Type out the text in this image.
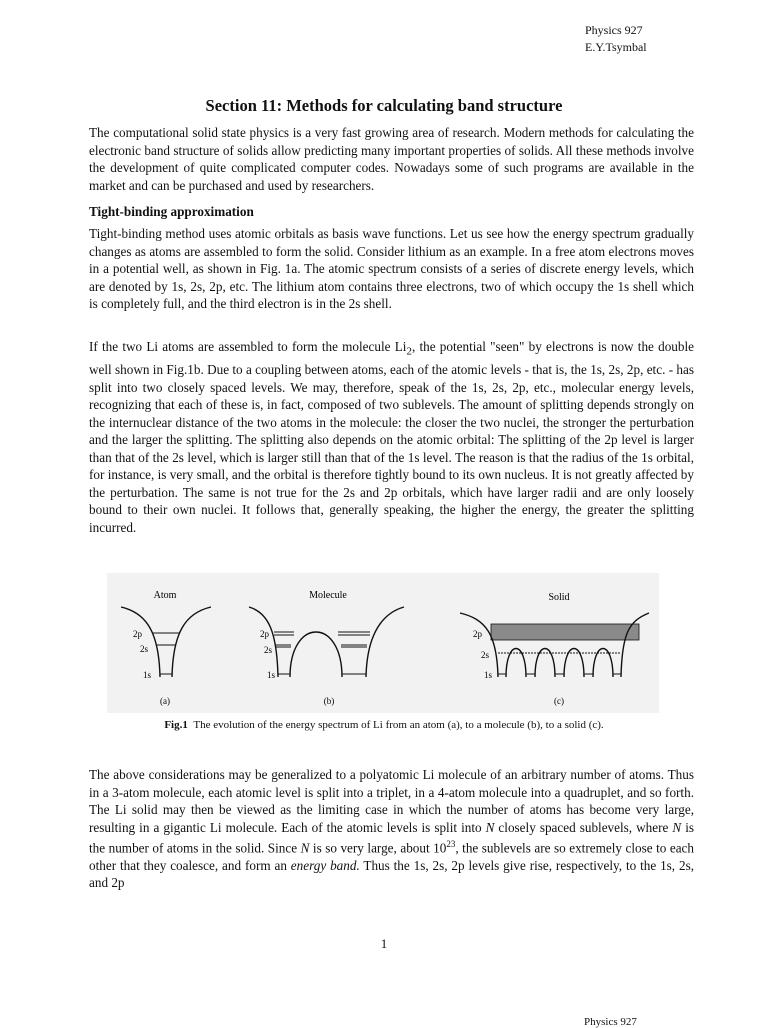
Physics 927
E.Y.Tsymbal
Section 11: Methods for calculating band structure

The computational solid state physics is a very fast growing area of research. Modern methods for calculating the electronic band structure of solids allow predicting many important properties of solids. All these methods involve the development of quite complicated computer codes. Nowadays some of such programs are available in the market and can be purchased and used by researchers.

Tight-binding approximation

Tight-binding method uses atomic orbitals as basis wave functions. Let us see how the energy spectrum gradually changes as atoms are assembled to form the solid. Consider lithium as an example. In a free atom electrons moves in a potential well, as shown in Fig. 1a. The atomic spectrum consists of a series of discrete energy levels, which are denoted by 1s, 2s, 2p, etc. The lithium atom contains three electrons, two of which occupy the 1s shell which is completely full, and the third electron is in the 2s shell.

If the two Li atoms are assembled to form the molecule $Li_2$, the potential "seen" by electrons is now the double well shown in Fig.1b. Due to a coupling between atoms, each of the atomic levels - that is, the 1s, 2s, 2p, etc. - has split into two closely spaced levels. We may, therefore, speak of the 1s, 2s, 2p, etc., molecular energy levels, recognizing that each of these is, in fact, composed of two sublevels. The amount of splitting depends strongly on the internuclear distance of the two atoms in the molecule: the closer the two nuclei, the stronger the perturbation and the larger the splitting. The splitting also depends on the atomic orbital: The splitting of the 2p level is larger than that of the 2s level, which is larger still than that of the 1s level. The reason is that the radius of the 1s orbital, for instance, is very small, and the orbital is therefore tightly bound to its own nucleus. It is not greatly affected by the perturbation. The same is not true for the 2s and 2p orbitals, which have larger radii and are only loosely bound to their own nuclei. It follows that, generally speaking, the higher the energy, the greater the splitting incurred.

Atom
2p
2s
1s
(a)
Molecule
2p
2s
1s
(b)
Solid
2p
2s
1s
(c)
Fig.1 The evolution of the energy spectrum of Li from an atom (a), to a molecule (b), to a solid (c).

The above considerations may be generalized to a polyatomic Li molecule of an arbitrary number of atoms. Thus in a 3-atom molecule, each atomic level is split into a triplet, in a 4-atom molecule into a quadruplet, and so forth. The Li solid may then be viewed as the limiting case in which the number of atoms has become very large, resulting in a gigantic Li molecule. Each of the atomic levels is split into N closely spaced sublevels, where N is the number of atoms in the solid. Since N is so very large, about $10^{23}$, the sublevels are so extremely close to each other that they coalesce, and form an energy band. Thus the 1s, 2s, 2p levels give rise, respectively, to the 1s, 2s, and 2p

1
Physics 927
